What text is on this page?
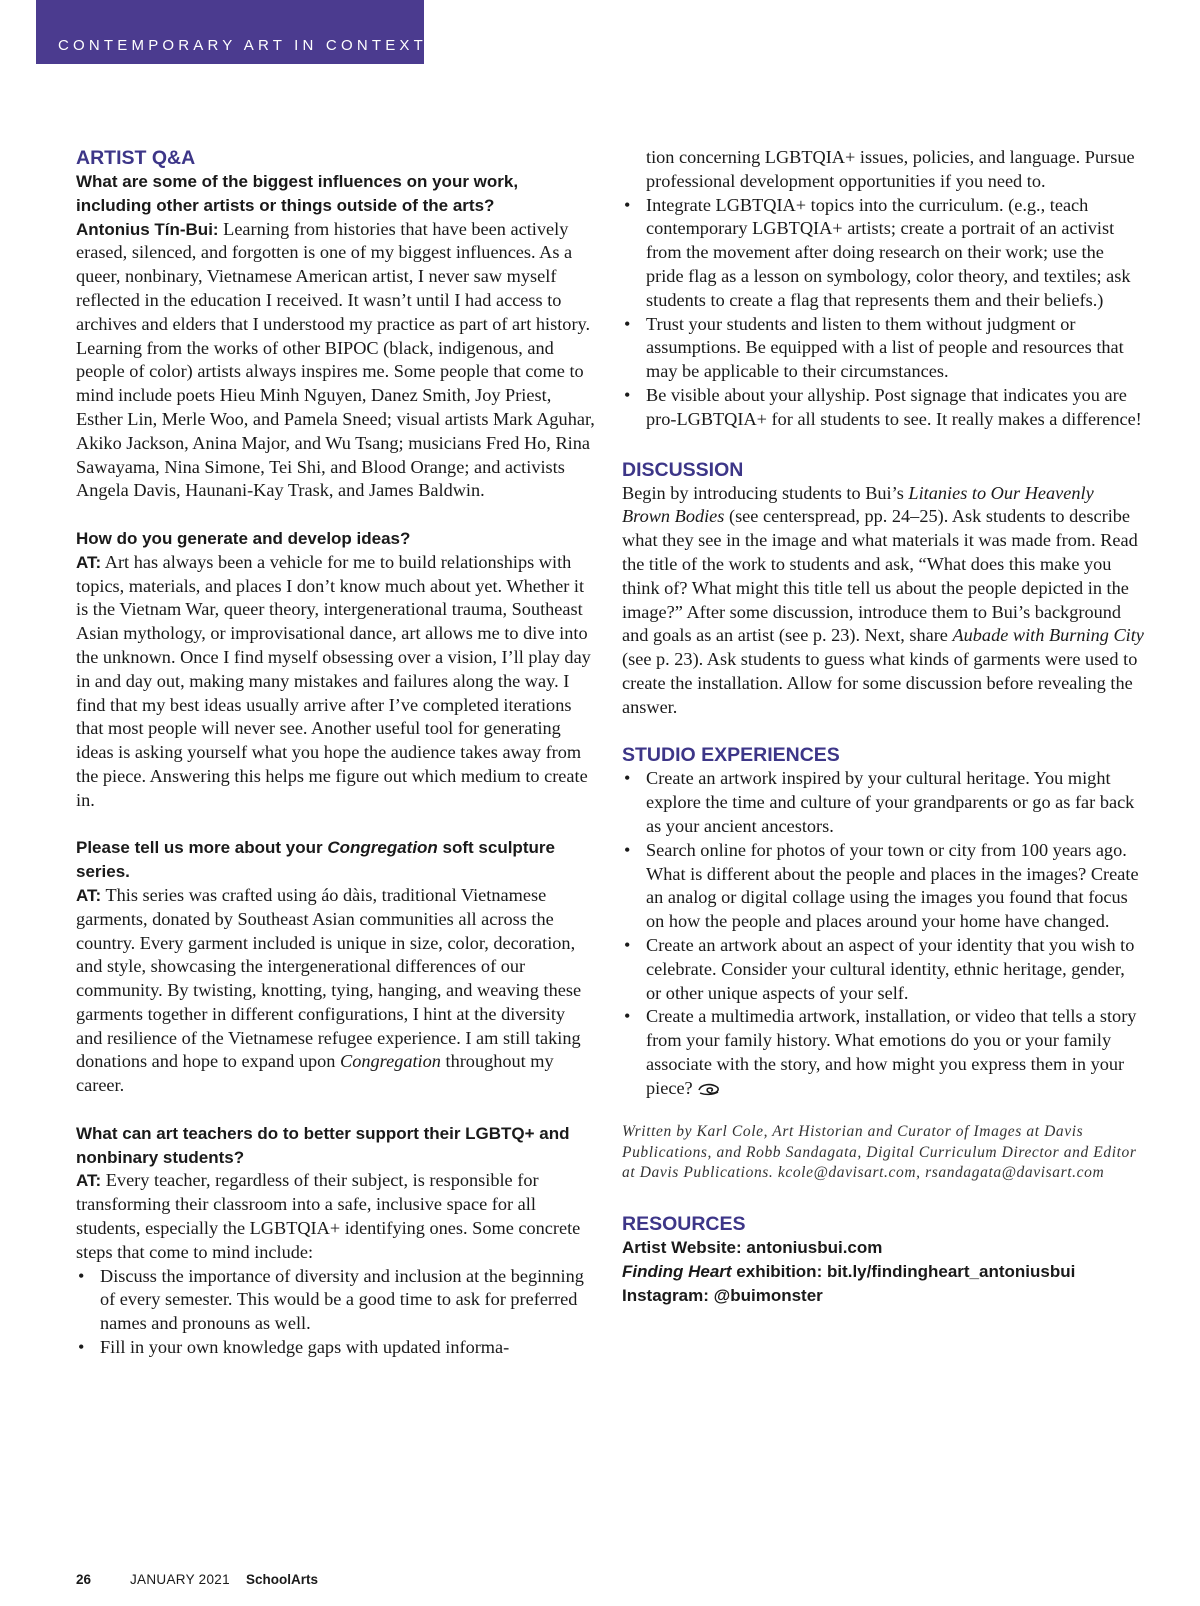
CONTEMPORARY ART IN CONTEXT
ARTIST Q&A

What are some of the biggest influences on your work, including other artists or things outside of the arts?

Antonius Tín-Bui: Learning from histories that have been actively erased, silenced, and forgotten is one of my biggest influences. As a queer, nonbinary, Vietnamese American artist, I never saw myself reflected in the education I received. It wasn’t until I had access to archives and elders that I understood my practice as part of art history. Learning from the works of other BIPOC (black, indigenous, and people of color) artists always inspires me. Some people that come to mind include poets Hieu Minh Nguyen, Danez Smith, Joy Priest, Esther Lin, Merle Woo, and Pamela Sneed; visual artists Mark Aguhar, Akiko Jackson, Anina Major, and Wu Tsang; musicians Fred Ho, Rina Sawayama, Nina Simone, Tei Shi, and Blood Orange; and activists Angela Davis, Haunani-Kay Trask, and James Baldwin.

How do you generate and develop ideas?

AT: Art has always been a vehicle for me to build relationships with topics, materials, and places I don’t know much about yet. Whether it is the Vietnam War, queer theory, intergenerational trauma, Southeast Asian mythology, or improvisational dance, art allows me to dive into the unknown. Once I find myself obsessing over a vision, I’ll play day in and day out, making many mistakes and failures along the way. I find that my best ideas usually arrive after I’ve completed iterations that most people will never see. Another useful tool for generating ideas is asking yourself what you hope the audience takes away from the piece. Answering this helps me figure out which medium to create in.

Please tell us more about your Congregation soft sculpture series.

AT: This series was crafted using áo dàis, traditional Vietnamese garments, donated by Southeast Asian communities all across the country. Every garment included is unique in size, color, decoration, and style, showcasing the intergenerational differences of our community. By twisting, knotting, tying, hanging, and weaving these garments together in different configurations, I hint at the diversity and resilience of the Vietnamese refugee experience. I am still taking donations and hope to expand upon Congregation throughout my career.

What can art teachers do to better support their LGBTQ+ and nonbinary students?

AT: Every teacher, regardless of their subject, is responsible for transforming their classroom into a safe, inclusive space for all students, especially the LGBTQIA+ identifying ones. Some concrete steps that come to mind include:

• Discuss the importance of diversity and inclusion at the beginning of every semester. This would be a good time to ask for preferred names and pronouns as well.
• Fill in your own knowledge gaps with updated informa-
tion concerning LGBTQIA+ issues, policies, and language. Pursue professional development opportunities if you need to.
• Integrate LGBTQIA+ topics into the curriculum. (e.g., teach contemporary LGBTQIA+ artists; create a portrait of an activist from the movement after doing research on their work; use the pride flag as a lesson on symbology, color theory, and textiles; ask students to create a flag that represents them and their beliefs.)
• Trust your students and listen to them without judgment or assumptions. Be equipped with a list of people and resources that may be applicable to their circumstances.
• Be visible about your allyship. Post signage that indicates you are pro-LGBTQIA+ for all students to see. It really makes a difference!
DISCUSSION

Begin by introducing students to Bui’s Litanies to Our Heavenly Brown Bodies (see centerspread, pp. 24–25). Ask students to describe what they see in the image and what materials it was made from. Read the title of the work to students and ask, “What does this make you think of? What might this title tell us about the people depicted in the image?” After some discussion, introduce them to Bui’s background and goals as an artist (see p. 23). Next, share Aubade with Burning City (see p. 23). Ask students to guess what kinds of garments were used to create the installation. Allow for some discussion before revealing the answer.

STUDIO EXPERIENCES
• Create an artwork inspired by your cultural heritage. You might explore the time and culture of your grandparents or go as far back as your ancient ancestors.
• Search online for photos of your town or city from 100 years ago. What is different about the people and places in the images? Create an analog or digital collage using the images you found that focus on how the people and places around your home have changed.
• Create an artwork about an aspect of your identity that you wish to celebrate. Consider your cultural identity, ethnic heritage, gender, or other unique aspects of your self.
• Create a multimedia artwork, installation, or video that tells a story from your family history. What emotions do you or your family associate with the story, and how might you express them in your piece?

Written by Karl Cole, Art Historian and Curator of Images at Davis Publications, and Robb Sandagata, Digital Curriculum Director and Editor at Davis Publications. kcole@davisart.com, rsandagata@davisart.com

RESOURCES
Artist Website: antoniusbui.com
Finding Heart exhibition: bit.ly/findingheart_antoniusbui
Instagram: @buimonster
26	JANUARY 2021 SchoolArts
